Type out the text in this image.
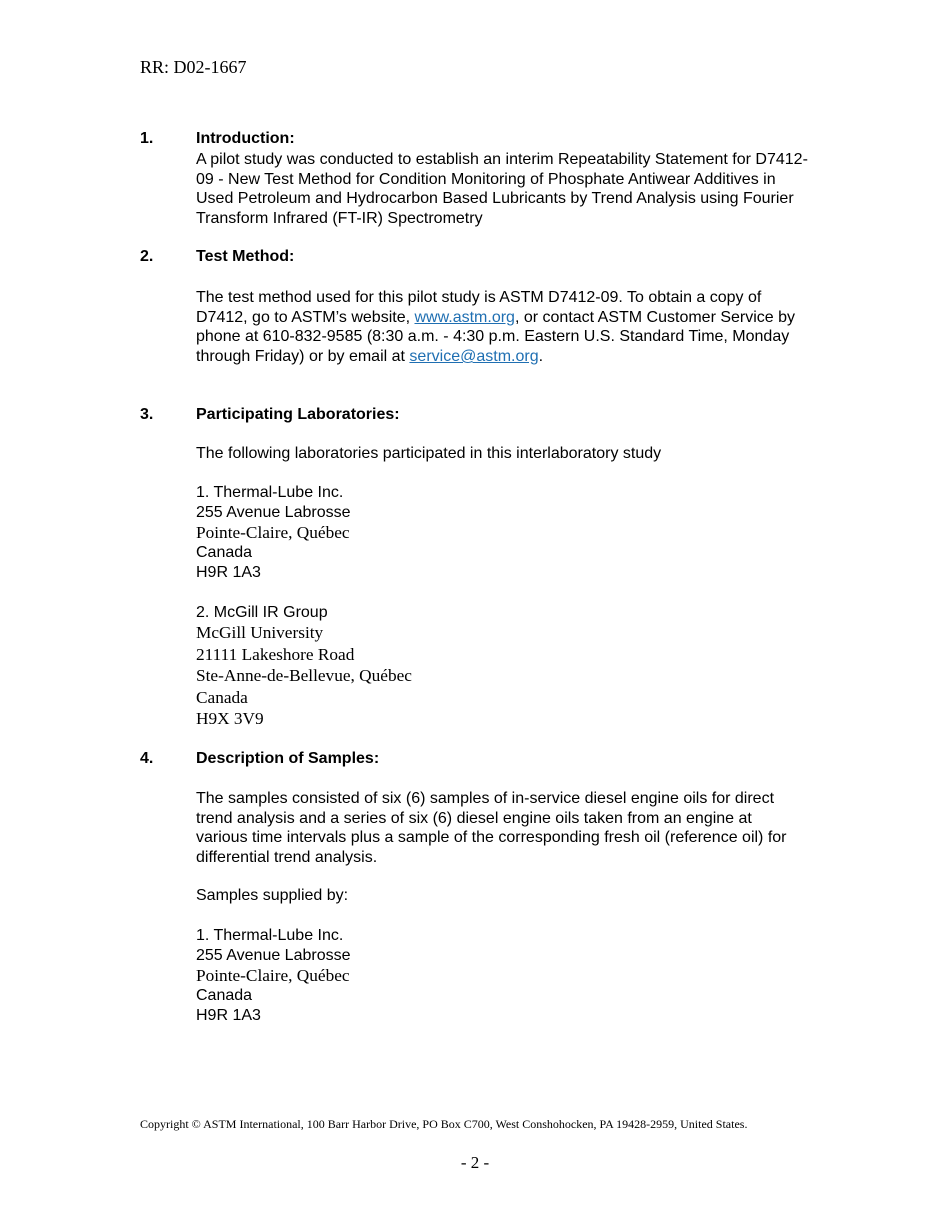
RR: D02-1667

1.	Introduction:

A pilot study was conducted to establish an interim Repeatability Statement for D7412-09 - New Test Method for Condition Monitoring of Phosphate Antiwear Additives in Used Petroleum and Hydrocarbon Based Lubricants by Trend Analysis using Fourier Transform Infrared (FT-IR) Spectrometry

2.	Test Method:

The test method used for this pilot study is ASTM D7412-09. To obtain a copy of D7412, go to ASTM’s website, www.astm.org, or contact ASTM Customer Service by phone at 610-832-9585 (8:30 a.m. - 4:30 p.m. Eastern U.S. Standard Time, Monday through Friday) or by email at service@astm.org.

3.	Participating Laboratories:

The following laboratories participated in this interlaboratory study

1. Thermal-Lube Inc.

255 Avenue Labrosse

Pointe-Claire, Québec

Canada

H9R 1A3

2. McGill IR Group

McGill University

21111 Lakeshore Road

Ste-Anne-de-Bellevue, Québec

Canada

H9X 3V9

4.	Description of Samples:

The samples consisted of six (6) samples of in-service diesel engine oils for direct trend analysis and a series of six (6) diesel engine oils taken from an engine at various time intervals plus a sample of the corresponding fresh oil (reference oil) for differential trend analysis.

Samples supplied by:

1. Thermal-Lube Inc.

255 Avenue Labrosse

Pointe-Claire, Québec

Canada

H9R 1A3

Copyright © ASTM International, 100 Barr Harbor Drive, PO Box C700, West Conshohocken, PA 19428-2959, United States.

- 2 -
